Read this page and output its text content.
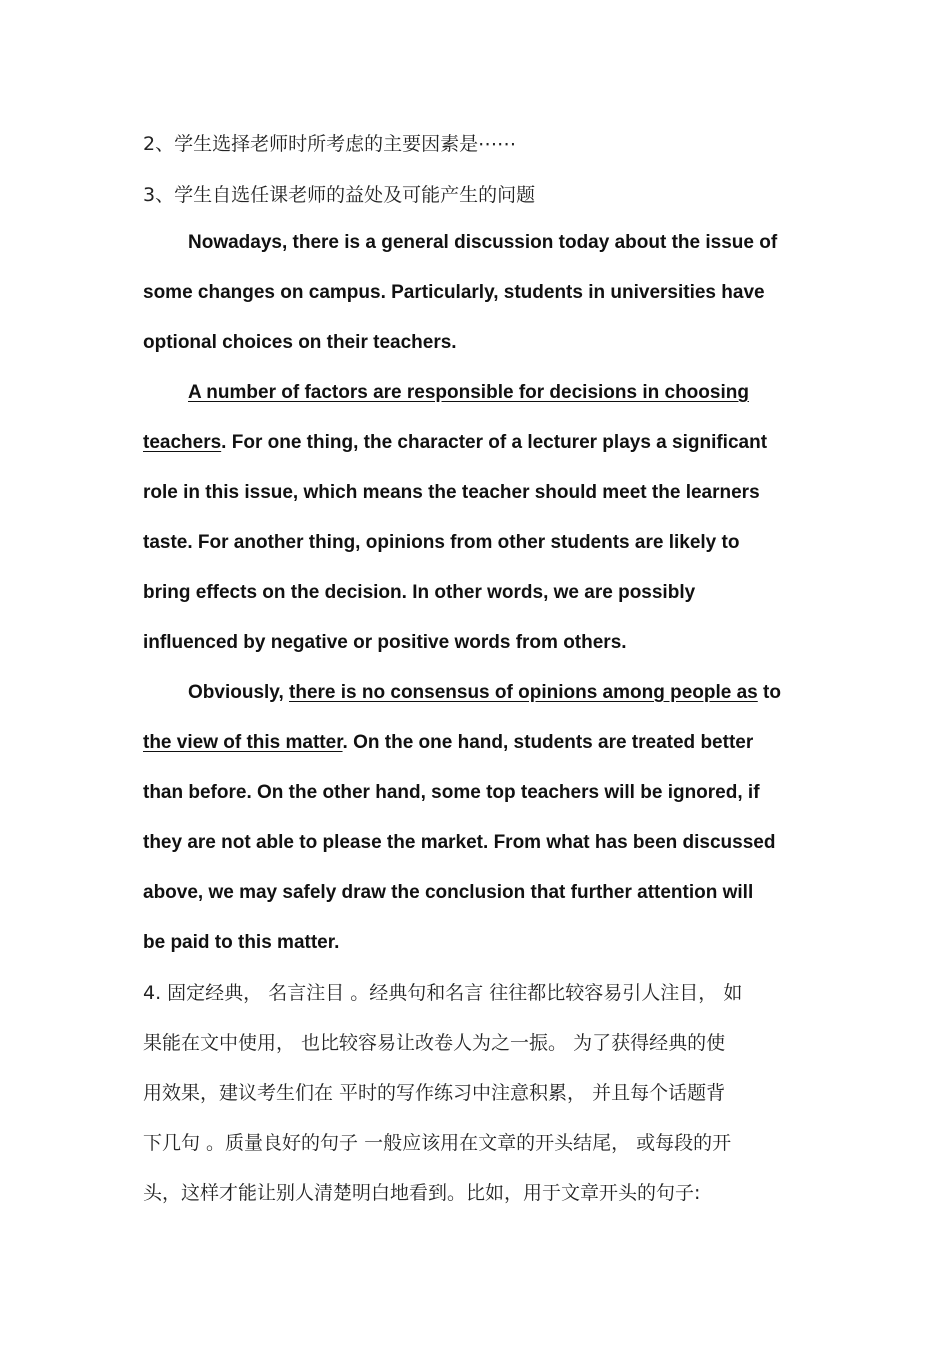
2、学生选择老师时所考虑的主要因素是⋯⋯
3、学生自选任课老师的益处及可能产生的问题
Nowadays, there is a general discussion today about the issue of
some changes on campus. Particularly, students in universities have
optional choices on their teachers.
A number of factors are responsible for decisions in choosing
teachers. For one thing, the character of a lecturer plays a significant
role in this issue, which means the teacher should meet the learners
taste. For another thing, opinions from other students are likely to
bring effects on the decision. In other words, we are possibly
influenced by negative or positive words from others.
Obviously, there is no consensus of opinions among people as to
the view of this matter. On the one hand, students are treated better
than before. On the other hand, some top teachers will be ignored, if
they are not able to please the market. From what has been discussed
above, we may safely draw the conclusion that further attention will
be paid to this matter.
4. 固定经典， 名言注目 。经典句和名言 往往都比较容易引人注目， 如
果能在文中使用， 也比较容易让改卷人为之一振。 为了获得经典的使
用效果，建议考生们在 平时的写作练习中注意积累， 并且每个话题背
下几句 。质量良好的句子 一般应该用在文章的开头结尾， 或每段的开
头，这样才能让别人清楚明白地看到。比如，用于文章开头的句子:
